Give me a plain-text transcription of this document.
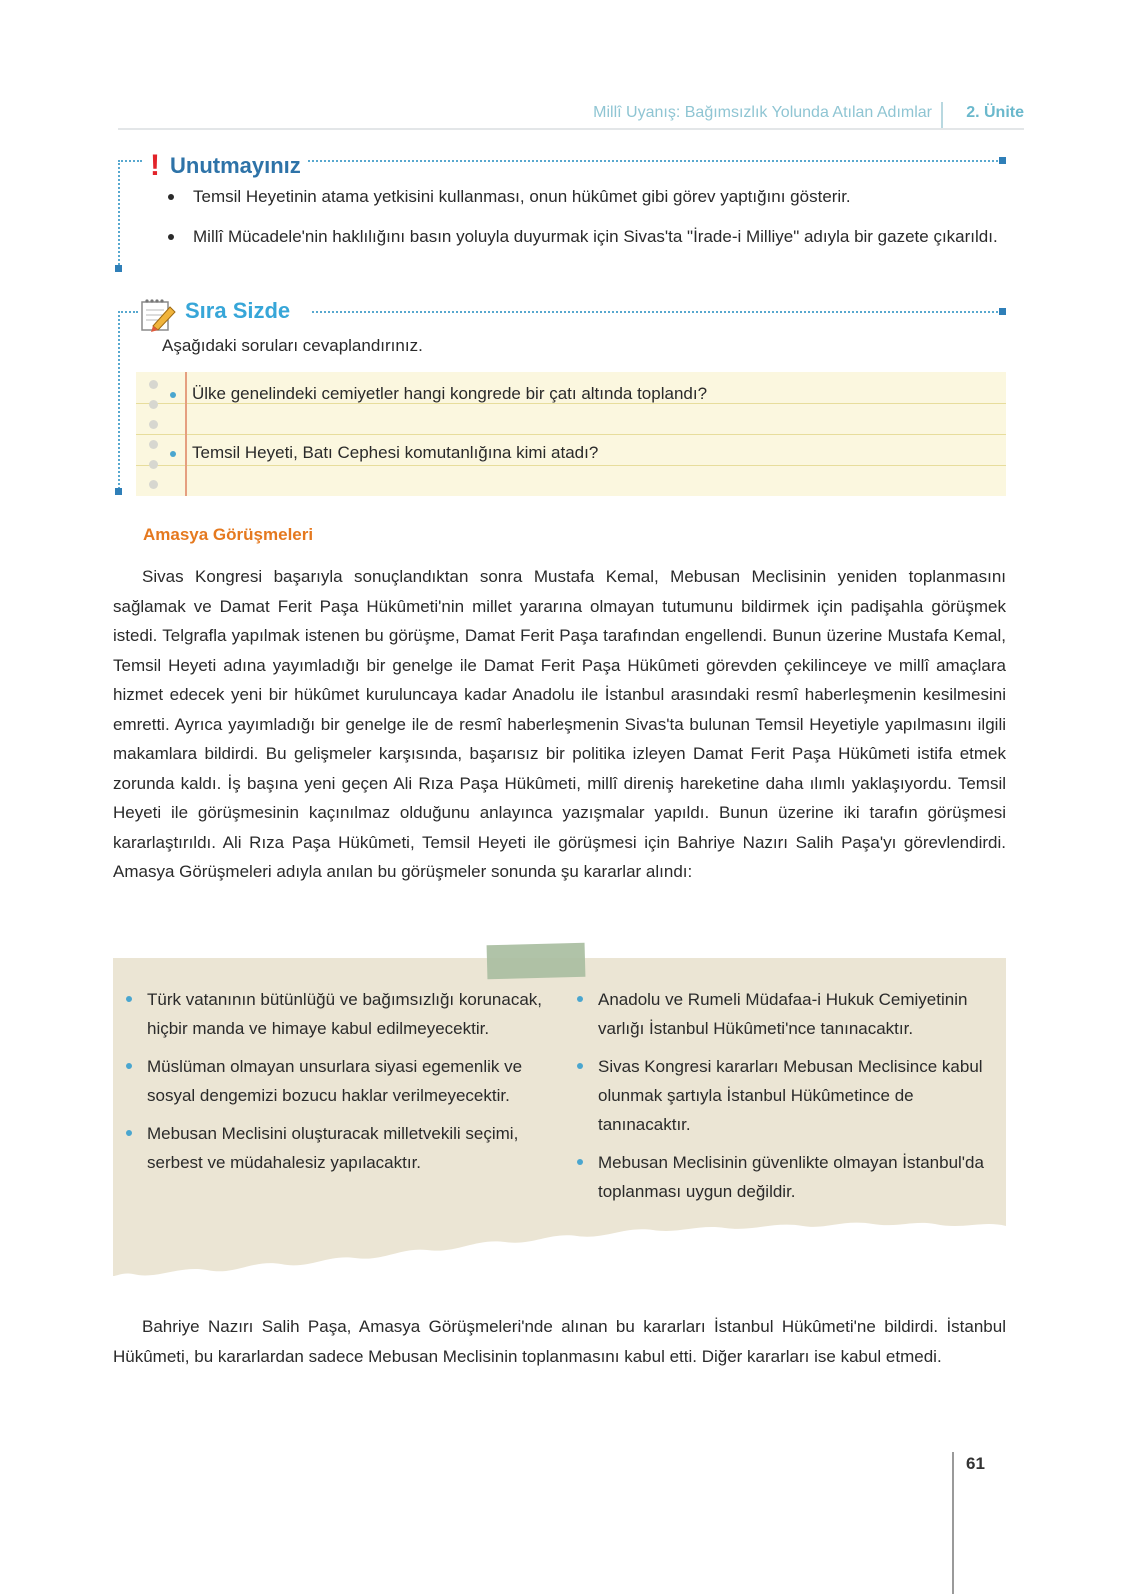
Millî Uyanış: Bağımsızlık Yolunda Atılan Adımlar 2. Ünite
! Unutmayınız
Temsil Heyetinin atama yetkisini kullanması, onun hükûmet gibi görev yaptığını gösterir.
Millî Mücadele'nin haklılığını basın yoluyla duyurmak için Sivas'ta "İrade-i Milliye" adıyla bir gazete çıkarıldı.
Sıra Sizde
Aşağıdaki soruları cevaplandırınız.
Ülke genelindeki cemiyetler hangi kongrede bir çatı altında toplandı?
Temsil Heyeti, Batı Cephesi komutanlığına kimi atadı?
Amasya Görüşmeleri

Sivas Kongresi başarıyla sonuçlandıktan sonra Mustafa Kemal, Mebusan Meclisinin yeniden toplanmasını sağlamak ve Damat Ferit Paşa Hükûmeti'nin millet yararına olmayan tutumunu bildirmek için padişahla görüşmek istedi. Telgrafla yapılmak istenen bu görüşme, Damat Ferit Paşa tarafından engellendi. Bunun üzerine Mustafa Kemal, Temsil Heyeti adına yayımladığı bir genelge ile Damat Ferit Paşa Hükûmeti görevden çekilinceye ve millî amaçlara hizmet edecek yeni bir hükûmet kuruluncaya kadar Anadolu ile İstanbul arasındaki resmî haberleşmenin kesilmesini emretti. Ayrıca yayımladığı bir genelge ile de resmî haberleşmenin Sivas'ta bulunan Temsil Heyetiyle yapılmasını ilgili makamlara bildirdi. Bu gelişmeler karşısında, başarısız bir politika izleyen Damat Ferit Paşa Hükûmeti istifa etmek zorunda kaldı. İş başına yeni geçen Ali Rıza Paşa Hükûmeti, millî direniş hareketine daha ılımlı yaklaşıyordu. Temsil Heyeti ile görüşmesinin kaçınılmaz olduğunu anlayınca yazışmalar yapıldı. Bunun üzerine iki tarafın görüşmesi kararlaştırıldı. Ali Rıza Paşa Hükûmeti, Temsil Heyeti ile görüşmesi için Bahriye Nazırı Salih Paşa'yı görevlendirdi. Amasya Görüşmeleri adıyla anılan bu görüşmeler sonunda şu kararlar alındı:

Türk vatanının bütünlüğü ve bağımsızlığı korunacak, hiçbir manda ve himaye kabul edilmeyecektir.
Müslüman olmayan unsurlara siyasi egemenlik ve sosyal dengemizi bozucu haklar verilmeyecektir.
Mebusan Meclisini oluşturacak milletvekili seçimi, serbest ve müdahalesiz yapılacaktır.
Anadolu ve Rumeli Müdafaa-i Hukuk Cemiyetinin varlığı İstanbul Hükûmeti'nce tanınacaktır.
Sivas Kongresi kararları Mebusan Meclisince kabul olunmak şartıyla İstanbul Hükûmetince de tanınacaktır.
Mebusan Meclisinin güvenlikte olmayan İstanbul'da toplanması uygun değildir.

Bahriye Nazırı Salih Paşa, Amasya Görüşmeleri'nde alınan bu kararları İstanbul Hükûmeti'ne bildirdi. İstanbul Hükûmeti, bu kararlardan sadece Mebusan Meclisinin toplanmasını kabul etti. Diğer kararları ise kabul etmedi.

61
